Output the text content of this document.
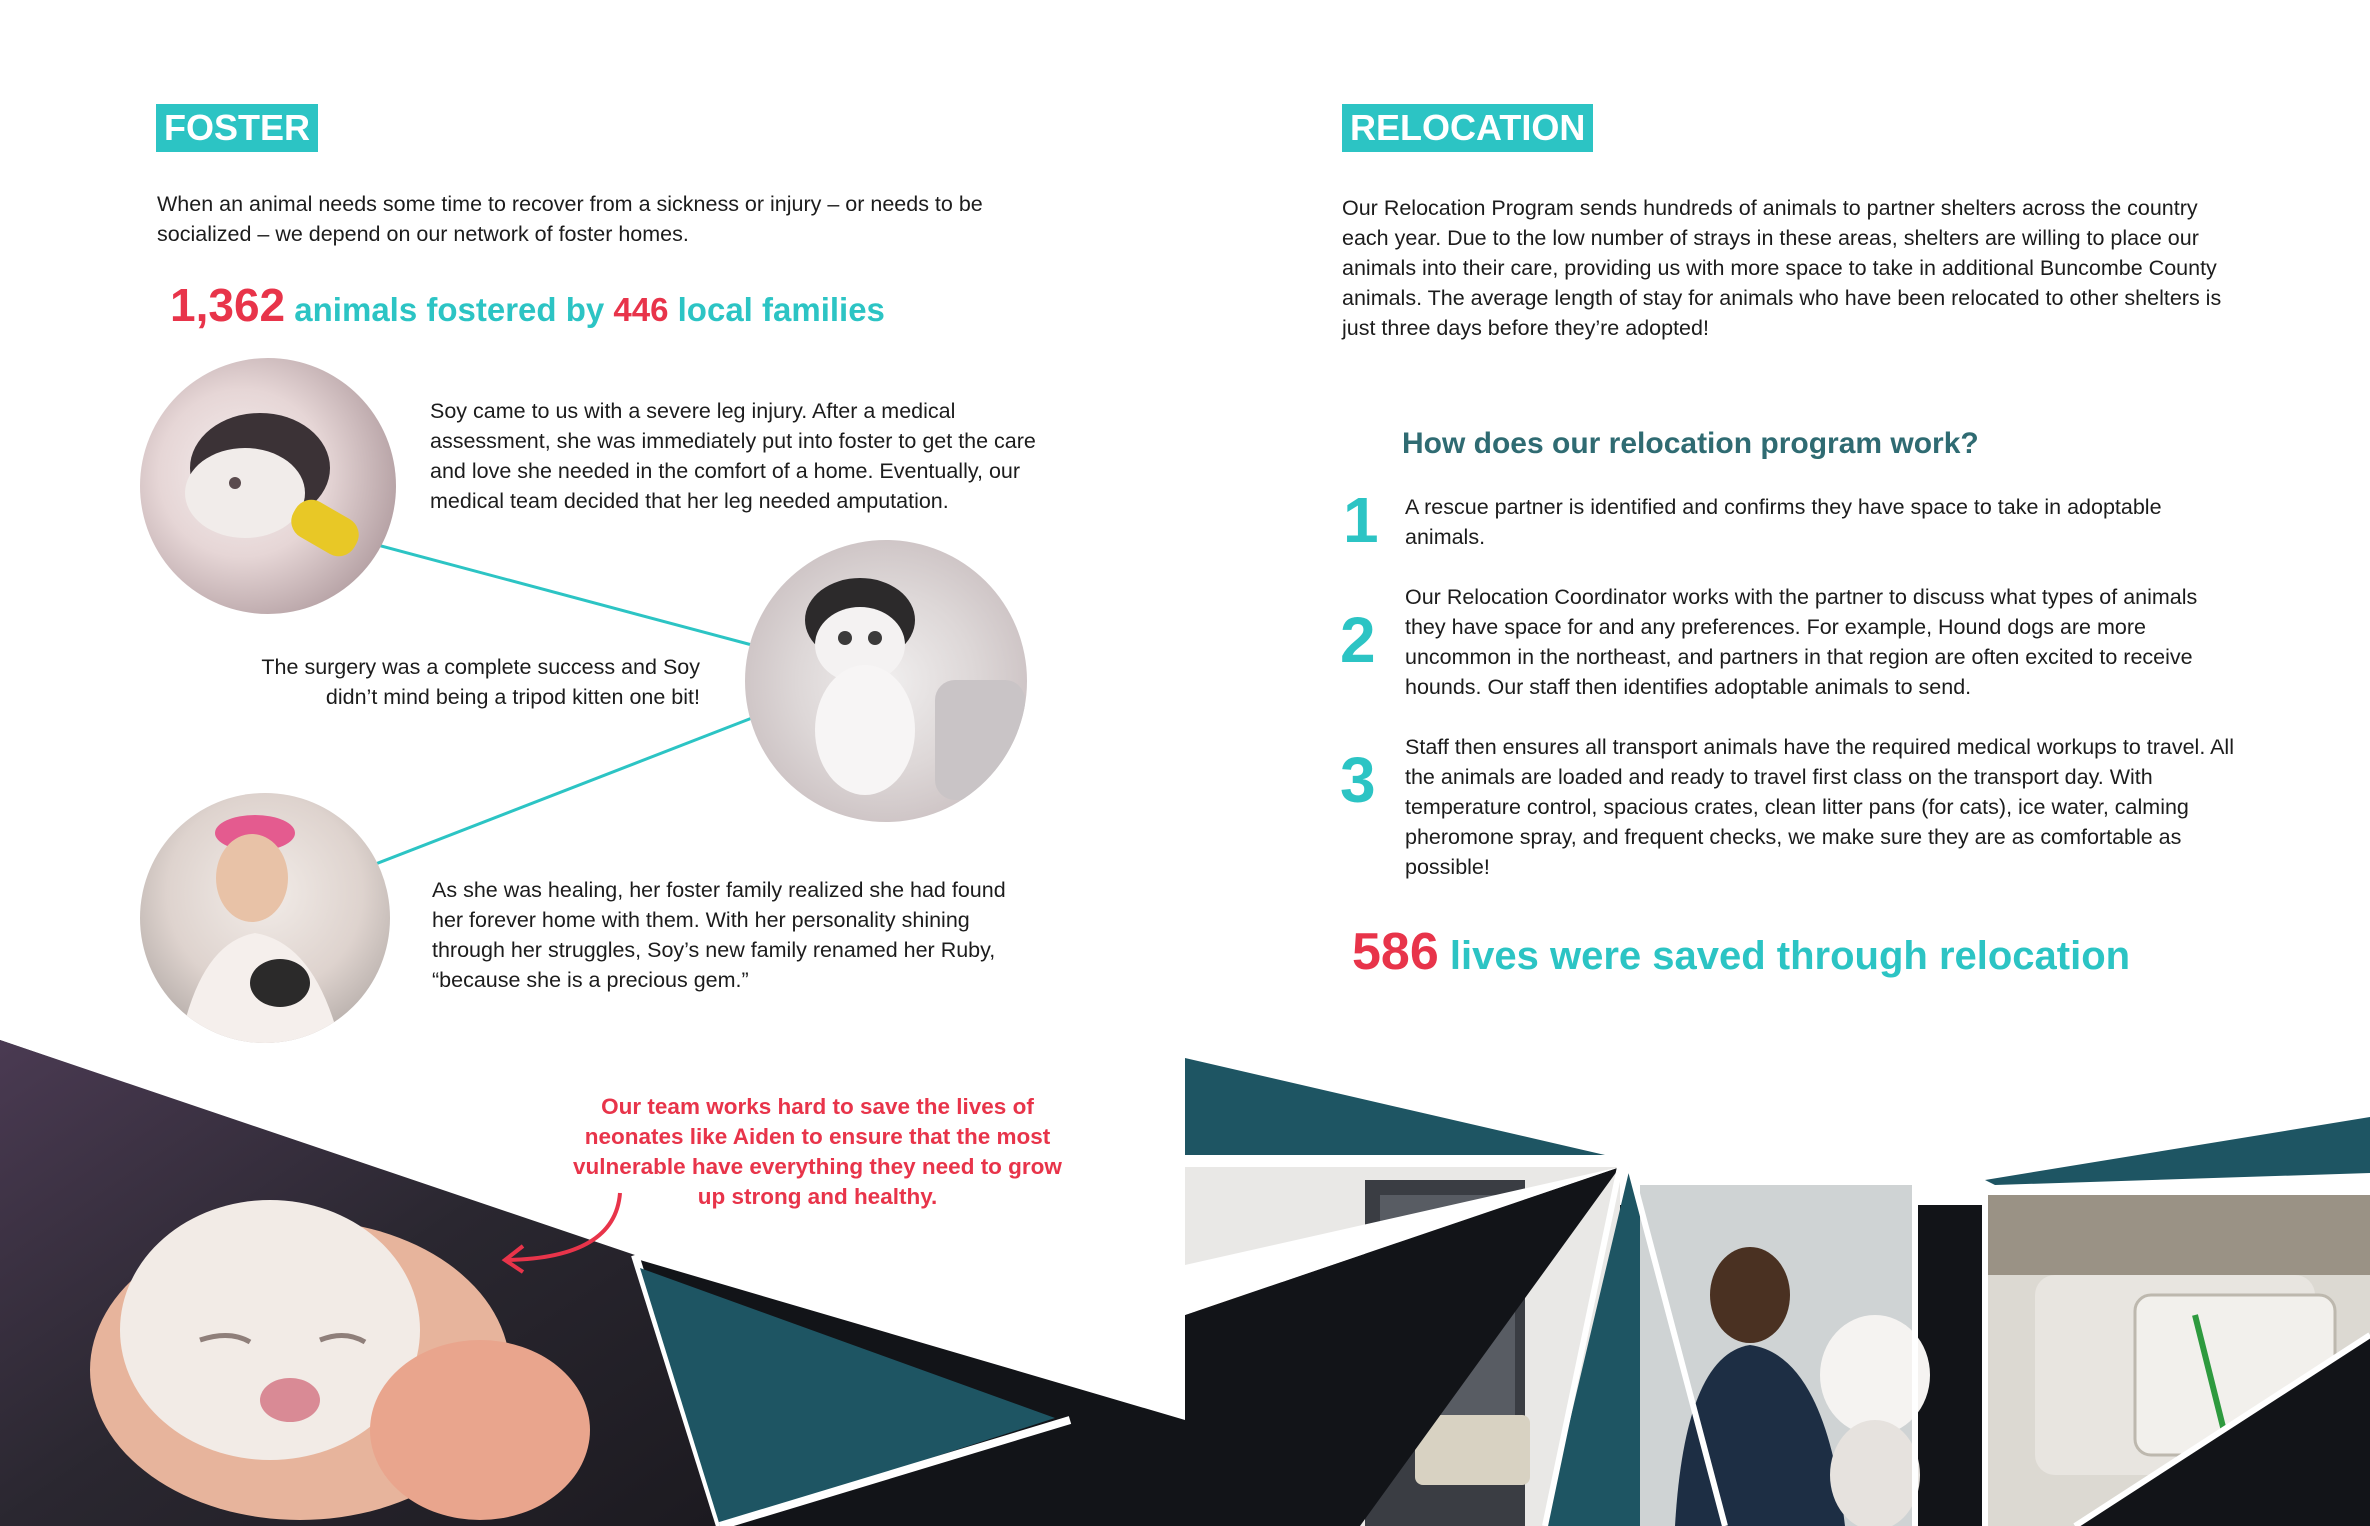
FOSTER
When an animal needs some time to recover from a sickness or injury – or needs to be socialized – we depend on our network of foster homes.
1,362 animals fostered by 446 local families
Soy came to us with a severe leg injury. After a medical assessment, she was immediately put into foster to get the care and love she needed in the comfort of a home. Eventually, our medical team decided that her leg needed amputation.
The surgery was a complete success and Soy didn’t mind being a tripod kitten one bit!
As she was healing, her foster family realized she had found her forever home with them. With her personality shining through her struggles, Soy’s new family renamed her Ruby, “because she is a precious gem.”
Our team works hard to save the lives of neonates like Aiden to ensure that the most vulnerable have everything they need to grow up strong and healthy.
RELOCATION
Our Relocation Program sends hundreds of animals to partner shelters across the country each year. Due to the low number of strays in these areas, shelters are willing to place our animals into their care, providing us with more space to take in additional Buncombe County animals. The average length of stay for animals who have been relocated to other shelters is just three days before they’re adopted!
How does our relocation program work?
1 A rescue partner is identified and confirms they have space to take in adoptable animals.
2
Our Relocation Coordinator works with the partner to discuss what types of animals they have space for and any preferences. For example, Hound dogs are more uncommon in the northeast, and partners in that region are often excited to receive hounds. Our staff then identifies adoptable animals to send.
3 Staff then ensures all transport animals have the required medical workups to travel. All the animals are loaded and ready to travel first class on the transport day. With temperature control, spacious crates, clean litter pans (for cats), ice water, calming pheromone spray, and frequent checks, we make sure they are as comfortable as possible!
586 lives were saved through relocation
